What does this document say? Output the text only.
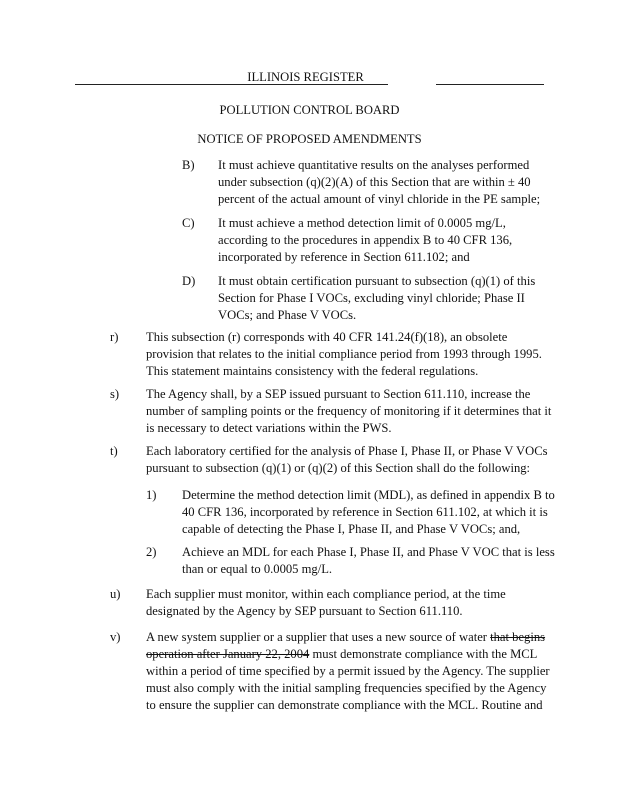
ILLINOIS REGISTER
POLLUTION CONTROL BOARD
NOTICE OF PROPOSED AMENDMENTS
B) It must achieve quantitative results on the analyses performed under subsection (q)(2)(A) of this Section that are within ± 40 percent of the actual amount of vinyl chloride in the PE sample;
C) It must achieve a method detection limit of 0.0005 mg/L, according to the procedures in appendix B to 40 CFR 136, incorporated by reference in Section 611.102; and
D) It must obtain certification pursuant to subsection (q)(1) of this Section for Phase I VOCs, excluding vinyl chloride; Phase II VOCs; and Phase V VOCs.
r) This subsection (r) corresponds with 40 CFR 141.24(f)(18), an obsolete provision that relates to the initial compliance period from 1993 through 1995. This statement maintains consistency with the federal regulations.
s) The Agency shall, by a SEP issued pursuant to Section 611.110, increase the number of sampling points or the frequency of monitoring if it determines that it is necessary to detect variations within the PWS.
t) Each laboratory certified for the analysis of Phase I, Phase II, or Phase V VOCs pursuant to subsection (q)(1) or (q)(2) of this Section shall do the following:
1) Determine the method detection limit (MDL), as defined in appendix B to 40 CFR 136, incorporated by reference in Section 611.102, at which it is capable of detecting the Phase I, Phase II, and Phase V VOCs; and,
2) Achieve an MDL for each Phase I, Phase II, and Phase V VOC that is less than or equal to 0.0005 mg/L.
u) Each supplier must monitor, within each compliance period, at the time designated by the Agency by SEP pursuant to Section 611.110.
v) A new system supplier or a supplier that uses a new source of water that begins operation after January 22, 2004 must demonstrate compliance with the MCL within a period of time specified by a permit issued by the Agency. The supplier must also comply with the initial sampling frequencies specified by the Agency to ensure the supplier can demonstrate compliance with the MCL. Routine and
